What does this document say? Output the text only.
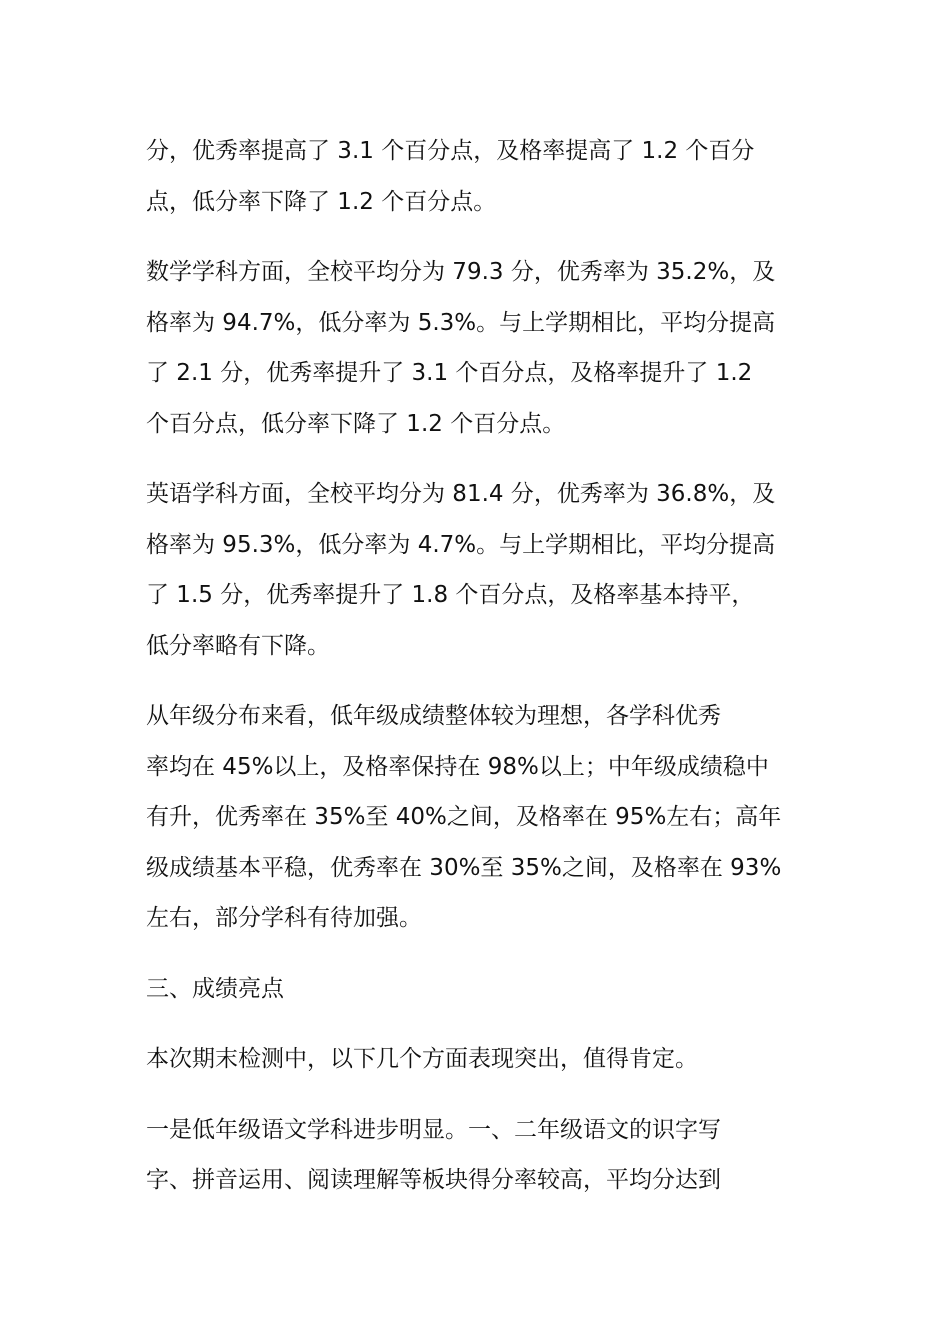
分，优秀率提高了 3.1 个百分点，及格率提高了 1.2 个百分
点，低分率下降了 1.2 个百分点。

数学学科方面，全校平均分为 79.3 分，优秀率为 35.2%，及
格率为 94.7%，低分率为 5.3%。与上学期相比，平均分提高
了 2.1 分，优秀率提升了 3.1 个百分点，及格率提升了 1.2
个百分点，低分率下降了 1.2 个百分点。

英语学科方面，全校平均分为 81.4 分，优秀率为 36.8%，及
格率为 95.3%，低分率为 4.7%。与上学期相比，平均分提高
了 1.5 分，优秀率提升了 1.8 个百分点，及格率基本持平，
低分率略有下降。

从年级分布来看，低年级成绩整体较为理想，各学科优秀
率均在 45%以上，及格率保持在 98%以上；中年级成绩稳中
有升，优秀率在 35%至 40%之间，及格率在 95%左右；高年
级成绩基本平稳，优秀率在 30%至 35%之间，及格率在 93%
左右，部分学科有待加强。

三、成绩亮点

本次期末检测中，以下几个方面表现突出，值得肯定。

一是低年级语文学科进步明显。一、二年级语文的识字写
字、拼音运用、阅读理解等板块得分率较高，平均分达到
